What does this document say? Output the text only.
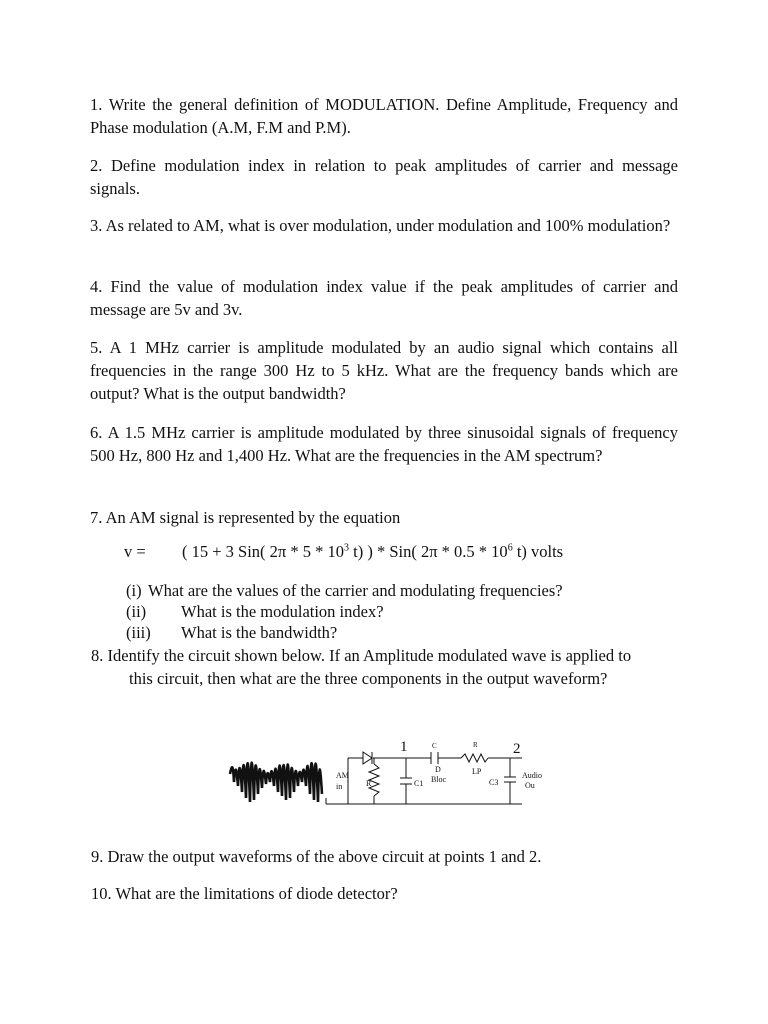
1. Write the general definition of MODULATION. Define Amplitude, Frequency and Phase modulation (A.M, F.M and P.M).

2. Define modulation index in relation to peak amplitudes of carrier and message signals.

3. As related to AM, what is over modulation, under modulation and 100% modulation?

4. Find the value of modulation index value if the peak amplitudes of carrier and message are 5v and 3v.

5. A 1 MHz carrier is amplitude modulated by an audio signal which contains all frequencies in the range 300 Hz to 5 kHz. What are the frequency bands which are output? What is the output bandwidth?

6. A 1.5 MHz carrier is amplitude modulated by three sinusoidal signals of frequency 500 Hz, 800 Hz and 1,400 Hz. What are the frequencies in the AM spectrum?

7. An AM signal is represented by the equation

v = ( 15 + 3 Sin( $2\pi * 5 * 10^3$ t) ) * Sin( $2\pi * 0.5 * 10^6$ t) volts

(i) What are the values of the carrier and modulating frequencies?

(ii) What is the modulation index?

(iii) What is the bandwidth?

8. Identify the circuit shown below. If an Amplitude modulated wave is applied to

this circuit, then what are the three components in the output waveform?

1	2
C	R
AM
in	R	C1
D
Bloc
LP
C3
Audio
Ou

9. Draw the output waveforms of the above circuit at points 1 and 2.

10. What are the limitations of diode detector?
